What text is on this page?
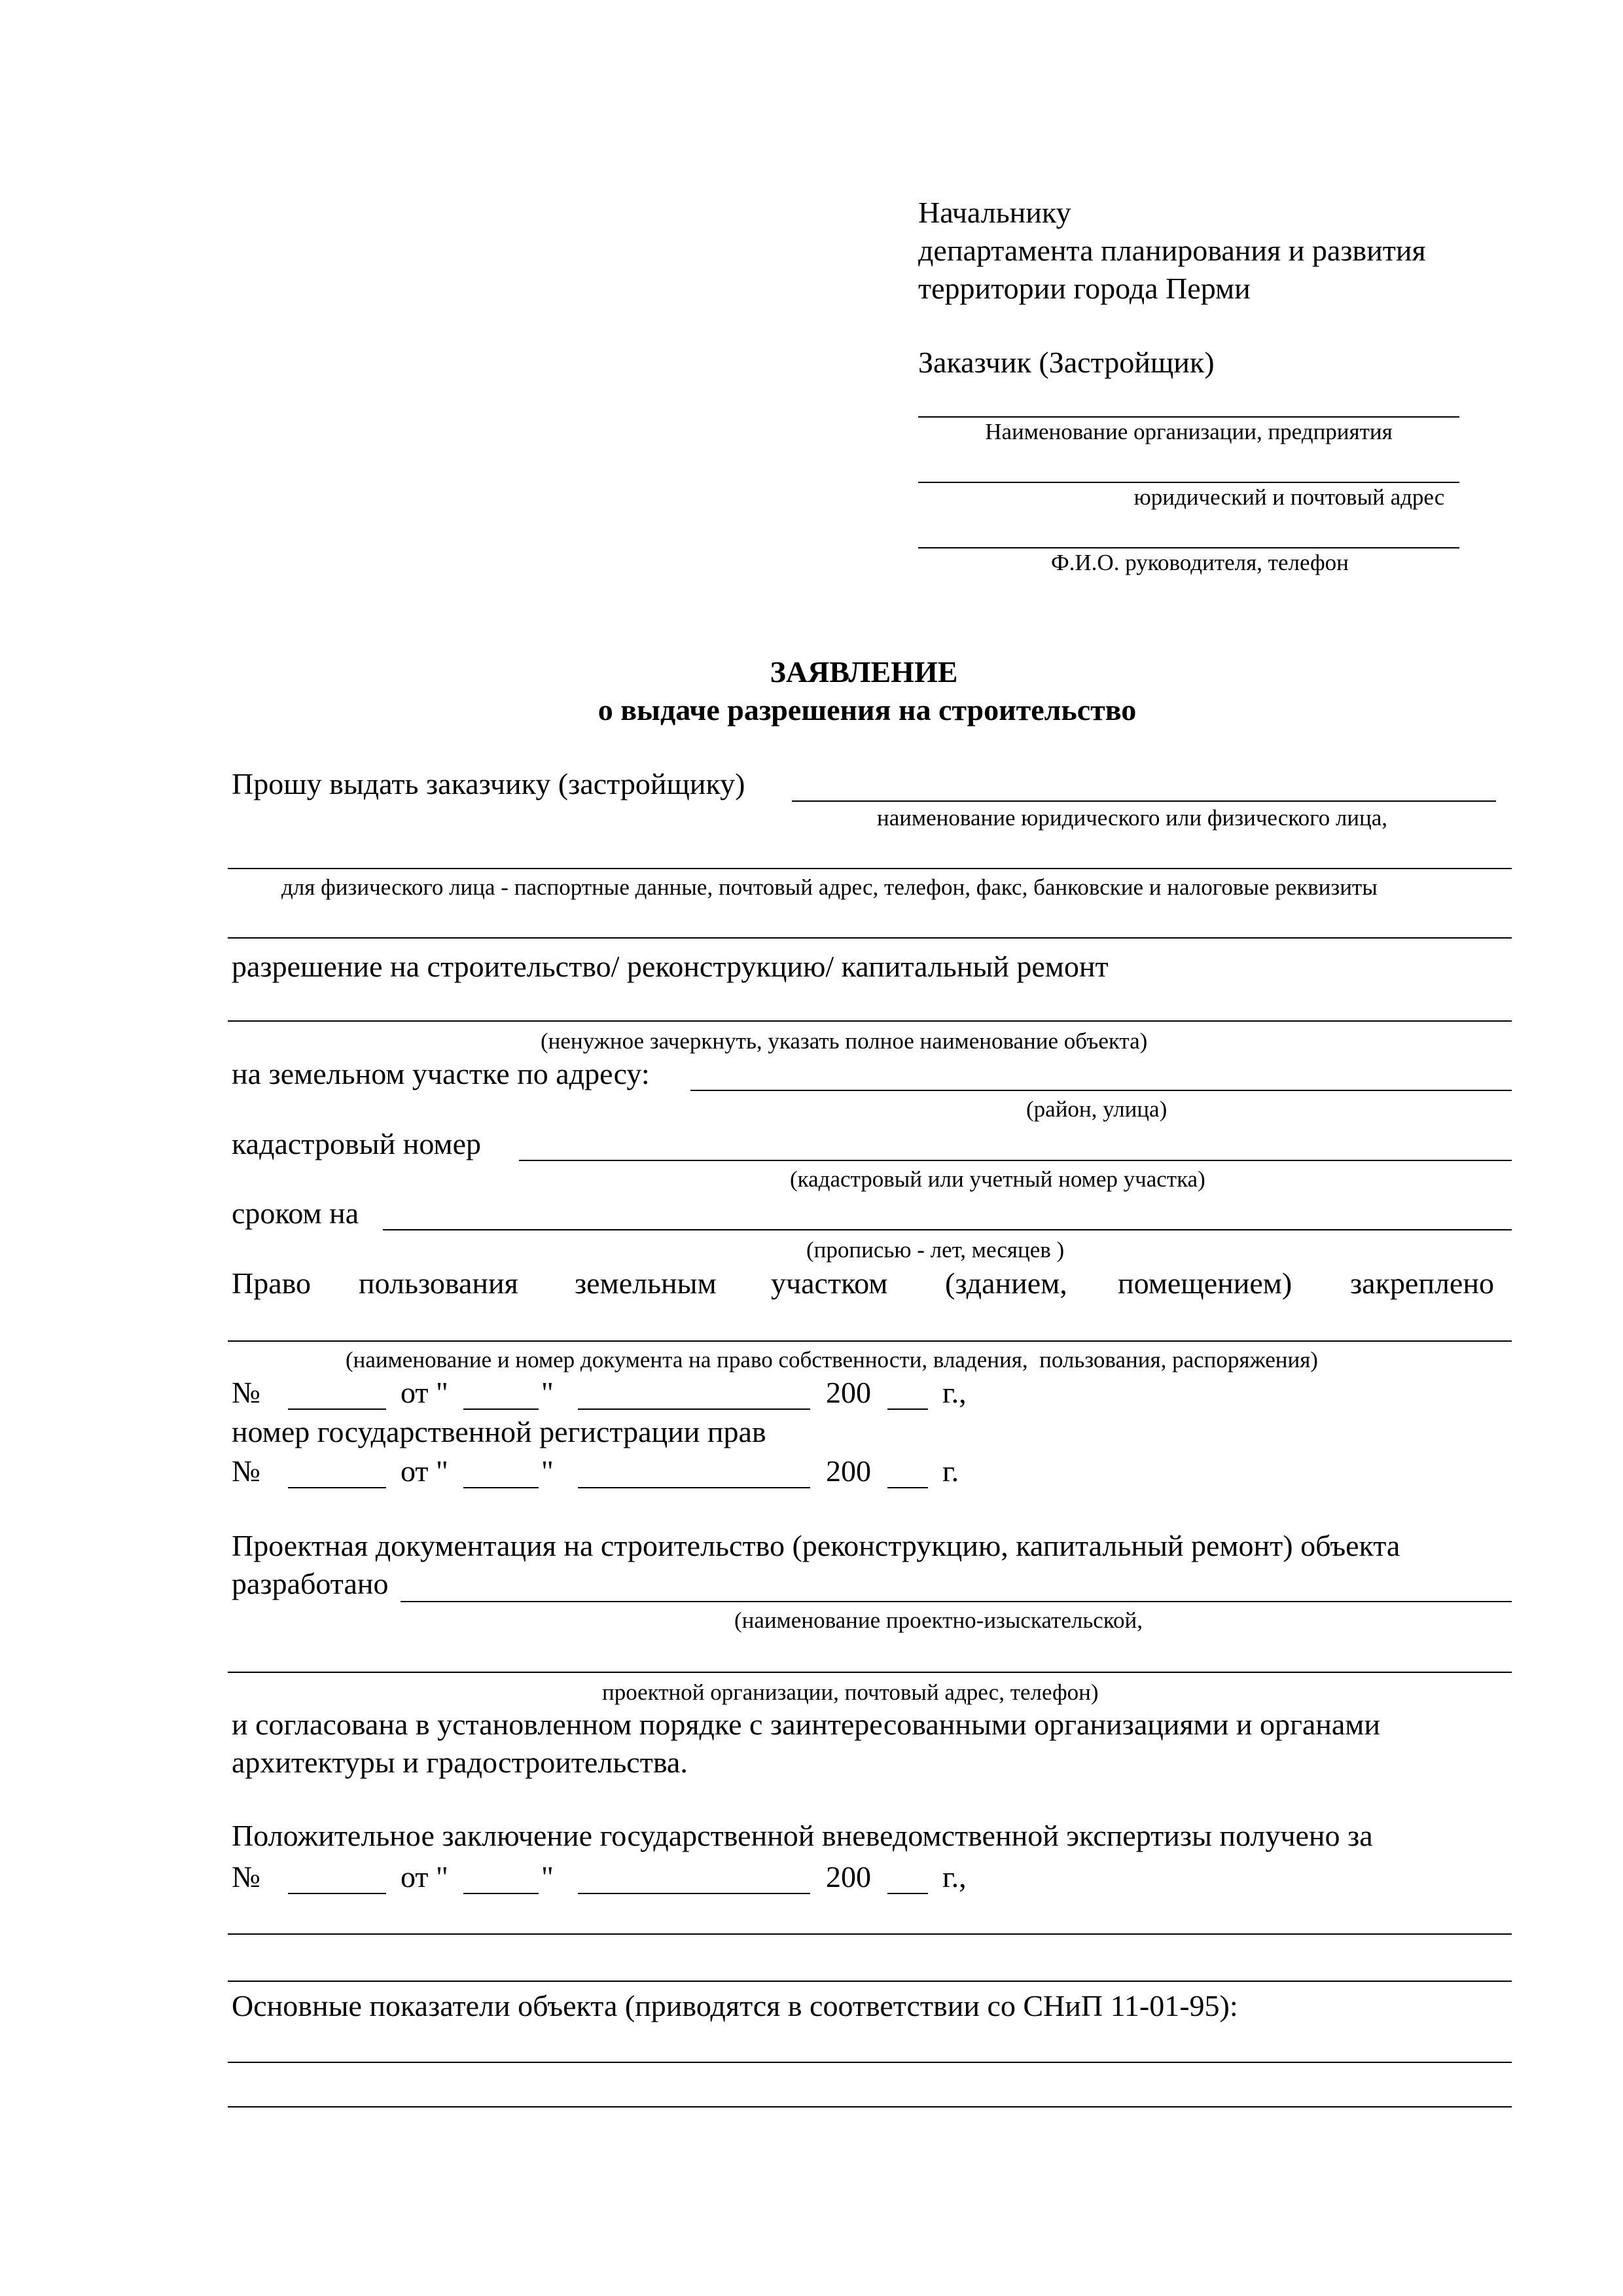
Начальнику
департамента планирования и развития
территории города Перми
Заказчик (Застройщик)
Наименование организации, предприятия
юридический и почтовый адрес
Ф.И.О. руководителя, телефон
ЗАЯВЛЕНИЕ
о выдаче разрешения на строительство
Прошу выдать заказчику (застройщику)
наименование юридического или физического лица,
для физического лица - паспортные данные, почтовый адрес, телефон, факс, банковские и налоговые реквизиты
разрешение на строительство/ реконструкцию/ капитальный ремонт
(ненужное зачеркнуть, указать полное наименование объекта)
на земельном участке по адресу:
(район, улица)
кадастровый номер
(кадастровый или учетный номер участка)
сроком на
(прописью - лет, месяцев )
Право пользования земельным участком (зданием, помещением) закреплено
(наименование и номер документа на право собственности, владения,  пользования, распоряжения)
№	от "	"	200 г.,
номер государственной регистрации прав
№	от "	"	200 г.
Проектная документация на строительство (реконструкцию, капитальный ремонт) объекта
разработано
(наименование проектно-изыскательской,
проектной организации, почтовый адрес, телефон)
и согласована в установленном порядке с заинтересованными организациями и органами
архитектуры и градостроительства.
Положительное заключение государственной вневедомственной экспертизы получено за
№	от "	"	200 г.,
Основные показатели объекта (приводятся в соответствии со СНиП 11-01-95):
